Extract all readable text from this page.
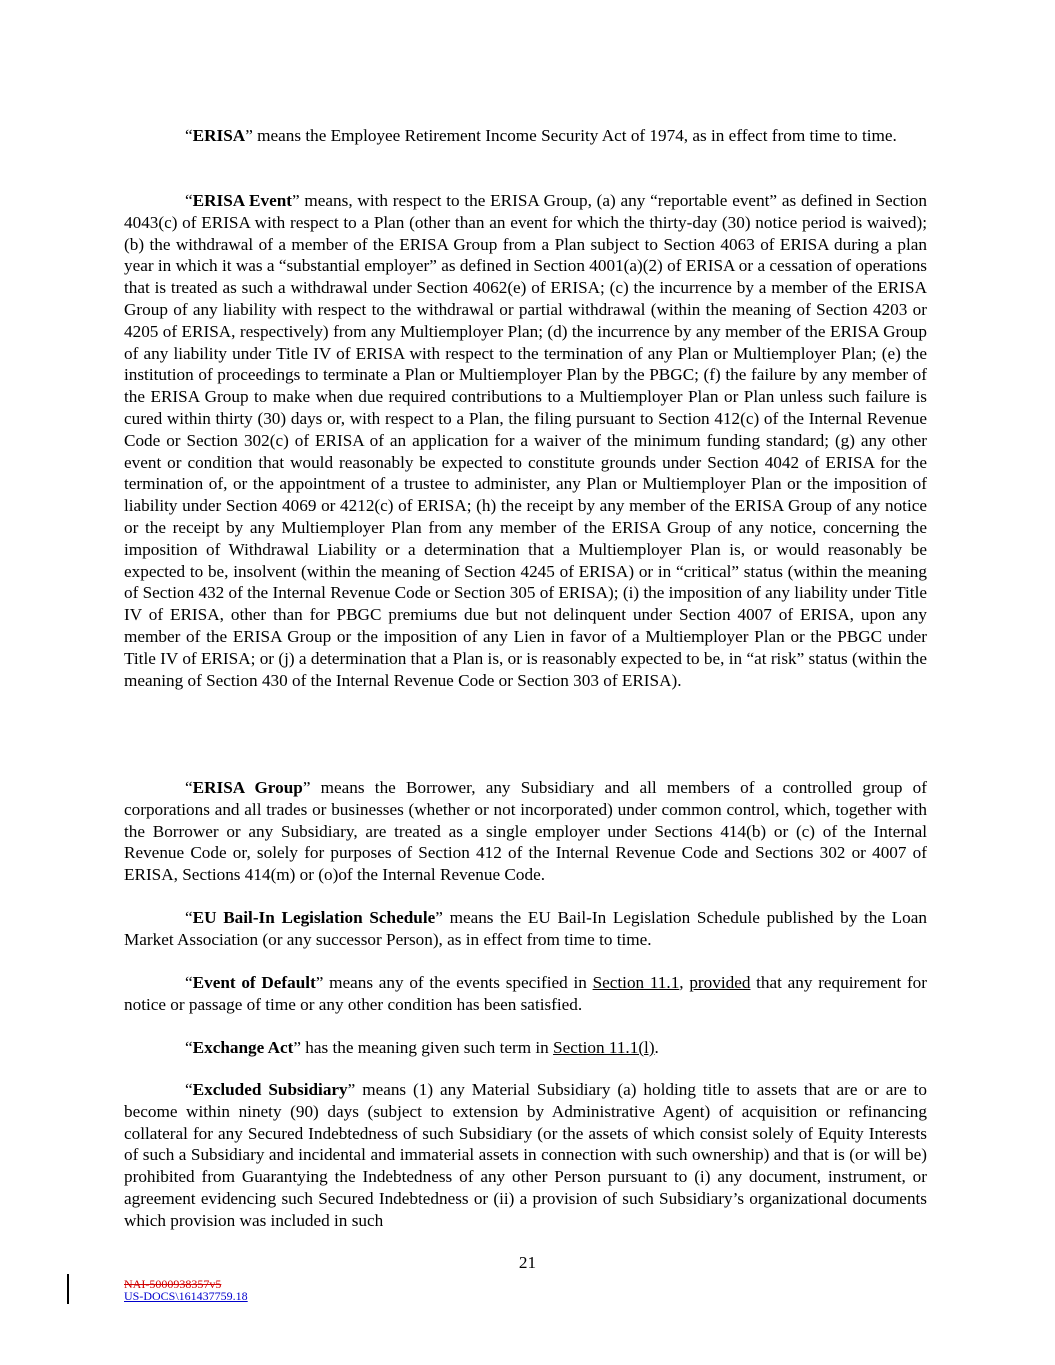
“ERISA” means the Employee Retirement Income Security Act of 1974, as in effect from time to time.

“ERISA Event” means, with respect to the ERISA Group, (a) any “reportable event” as defined in Section 4043(c) of ERISA with respect to a Plan (other than an event for which the thirty-day (30) notice period is waived); (b) the withdrawal of a member of the ERISA Group from a Plan subject to Section 4063 of ERISA during a plan year in which it was a “substantial employer” as defined in Section 4001(a)(2) of ERISA or a cessation of operations that is treated as such a withdrawal under Section 4062(e) of ERISA; (c) the incurrence by a member of the ERISA Group of any liability with respect to the withdrawal or partial withdrawal (within the meaning of Section 4203 or 4205 of ERISA, respectively) from any Multiemployer Plan; (d) the incurrence by any member of the ERISA Group of any liability under Title IV of ERISA with respect to the termination of any Plan or Multiemployer Plan; (e) the institution of proceedings to terminate a Plan or Multiemployer Plan by the PBGC; (f) the failure by any member of the ERISA Group to make when due required contributions to a Multiemployer Plan or Plan unless such failure is cured within thirty (30) days or, with respect to a Plan, the filing pursuant to Section 412(c) of the Internal Revenue Code or Section 302(c) of ERISA of an application for a waiver of the minimum funding standard; (g) any other event or condition that would reasonably be expected to constitute grounds under Section 4042 of ERISA for the termination of, or the appointment of a trustee to administer, any Plan or Multiemployer Plan or the imposition of liability under Section 4069 or 4212(c) of ERISA; (h) the receipt by any member of the ERISA Group of any notice or the receipt by any Multiemployer Plan from any member of the ERISA Group of any notice, concerning the imposition of Withdrawal Liability or a determination that a Multiemployer Plan is, or would reasonably be expected to be, insolvent (within the meaning of Section 4245 of ERISA) or in “critical” status (within the meaning of Section 432 of the Internal Revenue Code or Section 305 of ERISA); (i) the imposition of any liability under Title IV of ERISA, other than for PBGC premiums due but not delinquent under Section 4007 of ERISA, upon any member of the ERISA Group or the imposition of any Lien in favor of a Multiemployer Plan or the PBGC under Title IV of ERISA; or (j) a determination that a Plan is, or is reasonably expected to be, in “at risk” status (within the meaning of Section 430 of the Internal Revenue Code or Section 303 of ERISA).

“ERISA Group” means the Borrower, any Subsidiary and all members of a controlled group of corporations and all trades or businesses (whether or not incorporated) under common control, which, together with the Borrower or any Subsidiary, are treated as a single employer under Sections 414(b) or (c) of the Internal Revenue Code or, solely for purposes of Section 412 of the Internal Revenue Code and Sections 302 or 4007 of ERISA, Sections 414(m) or (o)of the Internal Revenue Code.

“EU Bail-In Legislation Schedule” means the EU Bail-In Legislation Schedule published by the Loan Market Association (or any successor Person), as in effect from time to time.

“Event of Default” means any of the events specified in Section 11.1, provided that any requirement for notice or passage of time or any other condition has been satisfied.

“Exchange Act” has the meaning given such term in Section 11.1(l).

“Excluded Subsidiary” means (1) any Material Subsidiary (a) holding title to assets that are or are to become within ninety (90) days (subject to extension by Administrative Agent) of acquisition or refinancing collateral for any Secured Indebtedness of such Subsidiary (or the assets of which consist solely of Equity Interests of such a Subsidiary and incidental and immaterial assets in connection with such ownership) and that is (or will be) prohibited from Guarantying the Indebtedness of any other Person pursuant to (i) any document, instrument, or agreement evidencing such Secured Indebtedness or (ii) a provision of such Subsidiary’s organizational documents which provision was included in such

21
NAI-5000938357v5
US-DOCS\161437759.18
